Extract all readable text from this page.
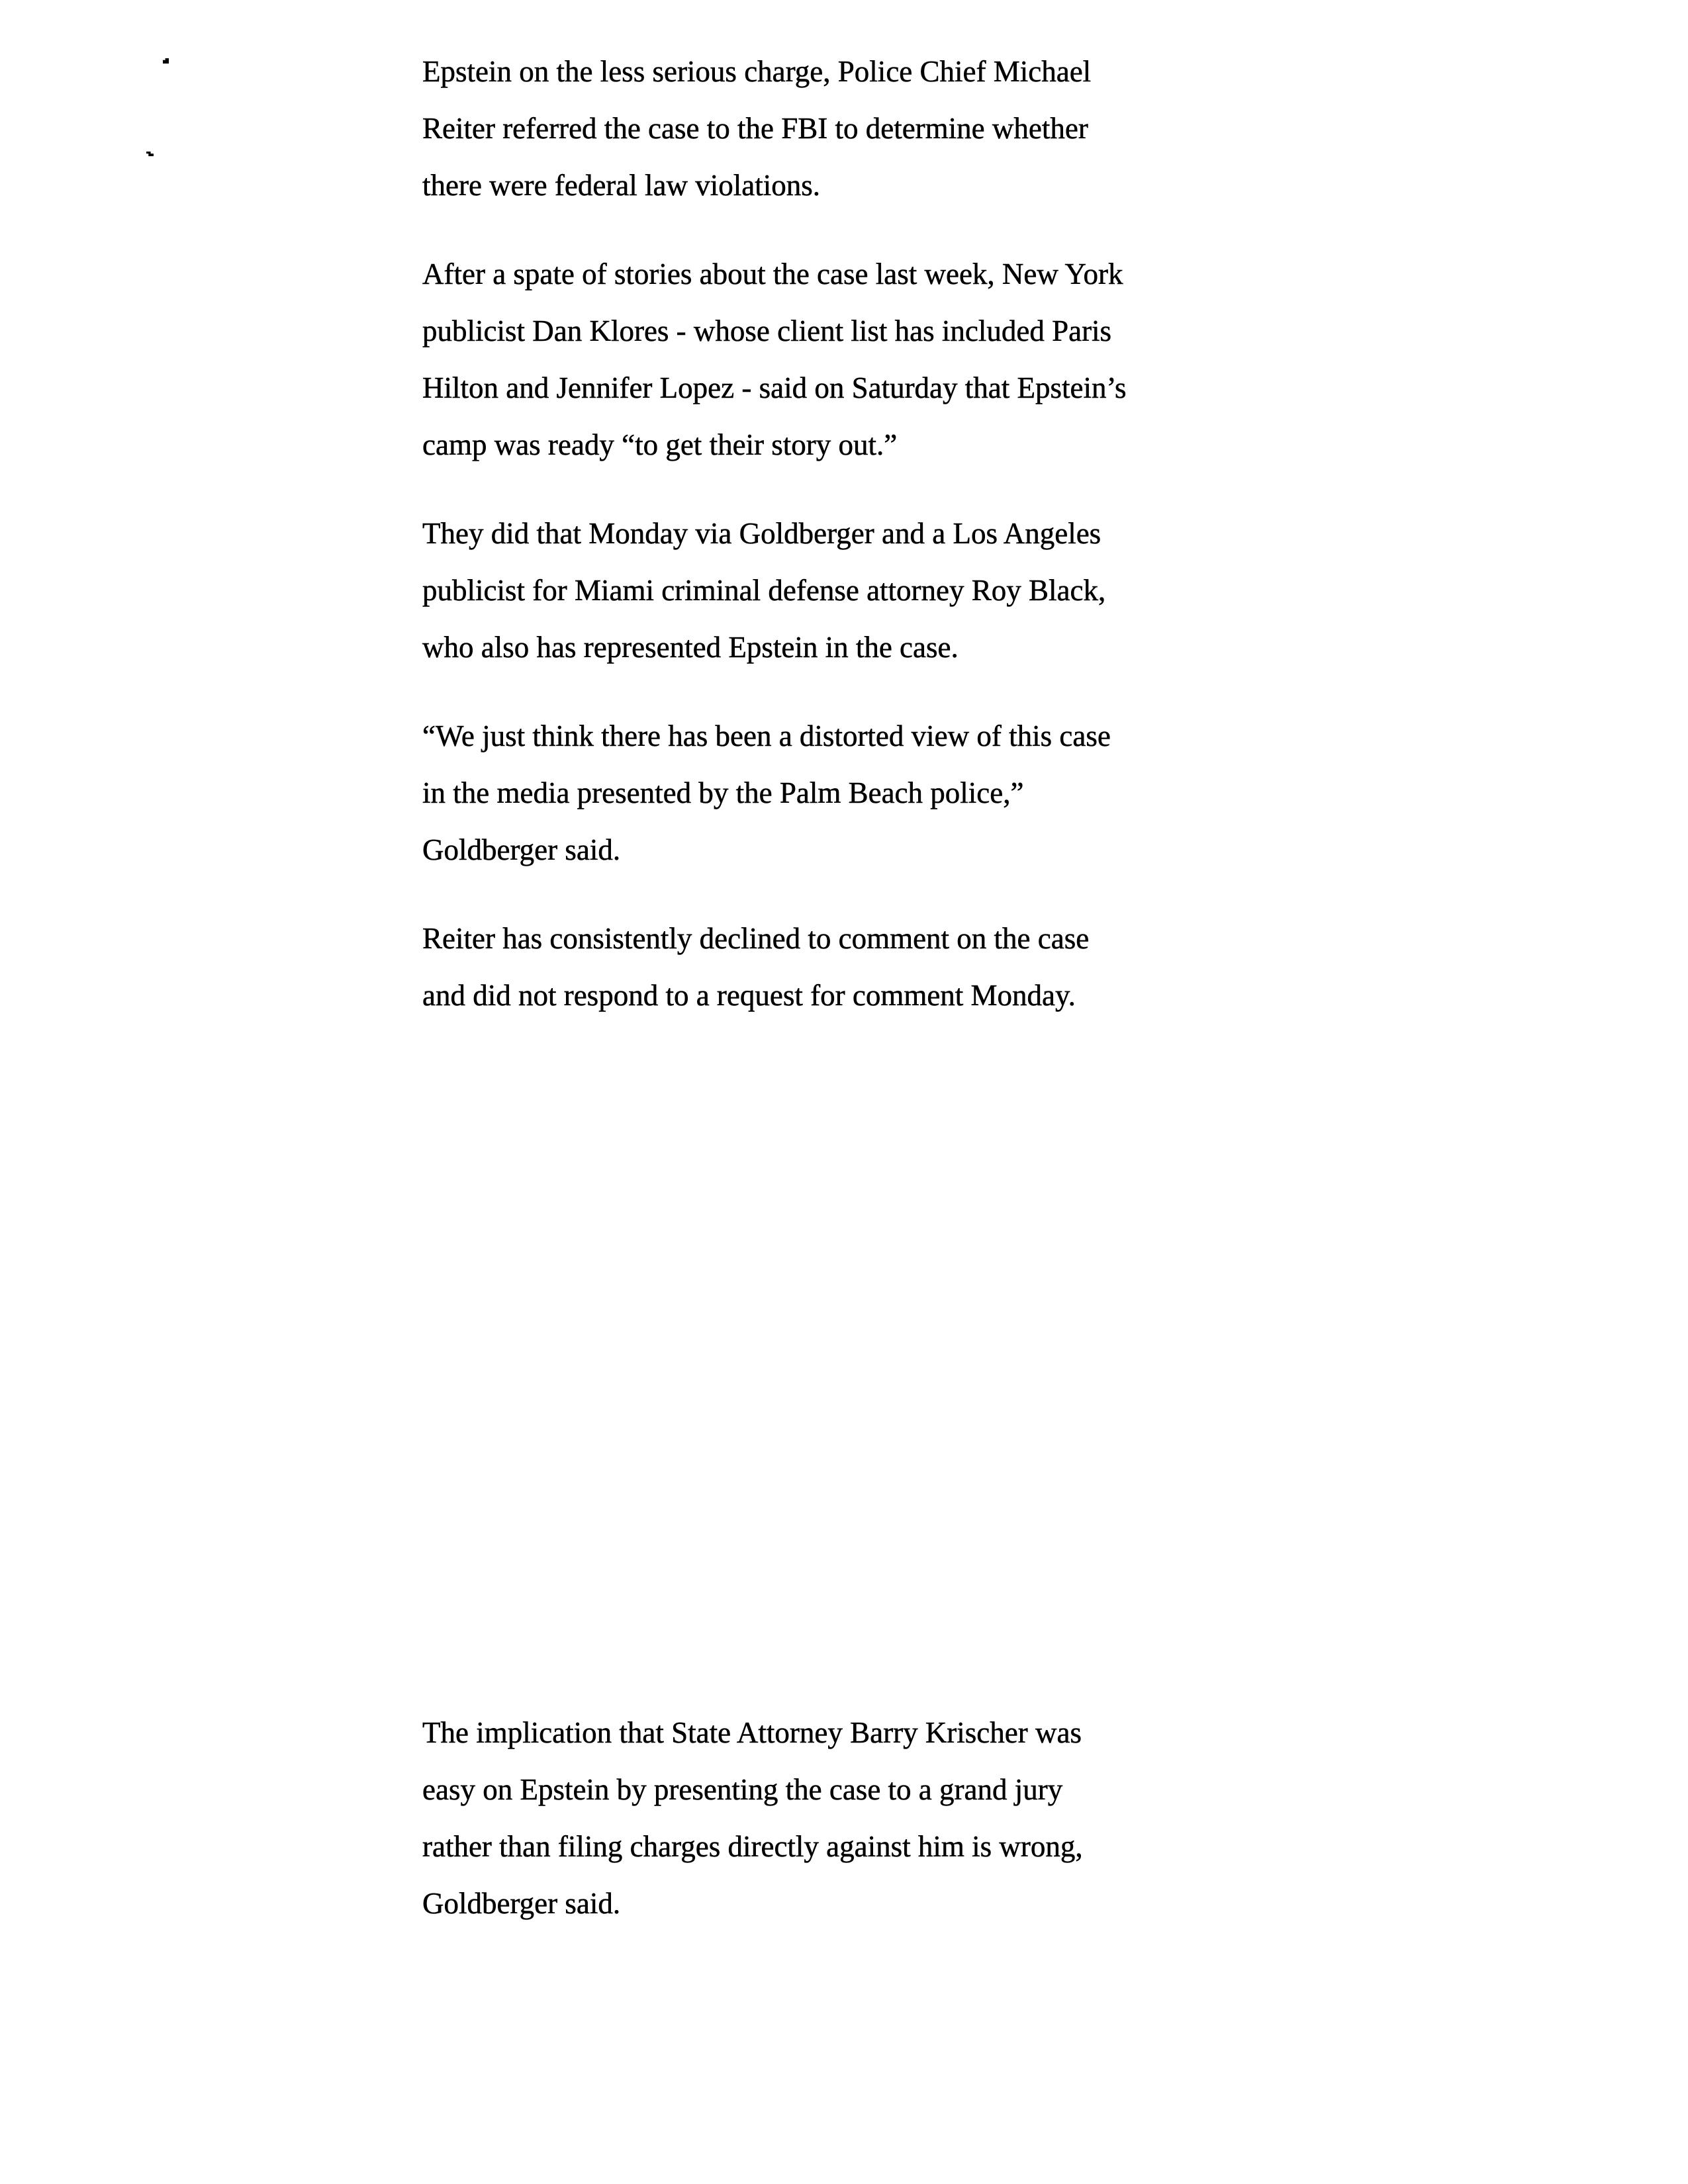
Epstein on the less serious charge, Police Chief Michael
Reiter referred the case to the FBI to determine whether
there were federal law violations.
After a spate of stories about the case last week, New York
publicist Dan Klores - whose client list has included Paris
Hilton and Jennifer Lopez - said on Saturday that Epstein’s
camp was ready “to get their story out.”
They did that Monday via Goldberger and a Los Angeles
publicist for Miami criminal defense attorney Roy Black,
who also has represented Epstein in the case.
“We just think there has been a distorted view of this case
in the media presented by the Palm Beach police,”
Goldberger said.
Reiter has consistently declined to comment on the case
and did not respond to a request for comment Monday.
The implication that State Attorney Barry Krischer was
easy on Epstein by presenting the case to a grand jury
rather than filing charges directly against him is wrong,
Goldberger said.
